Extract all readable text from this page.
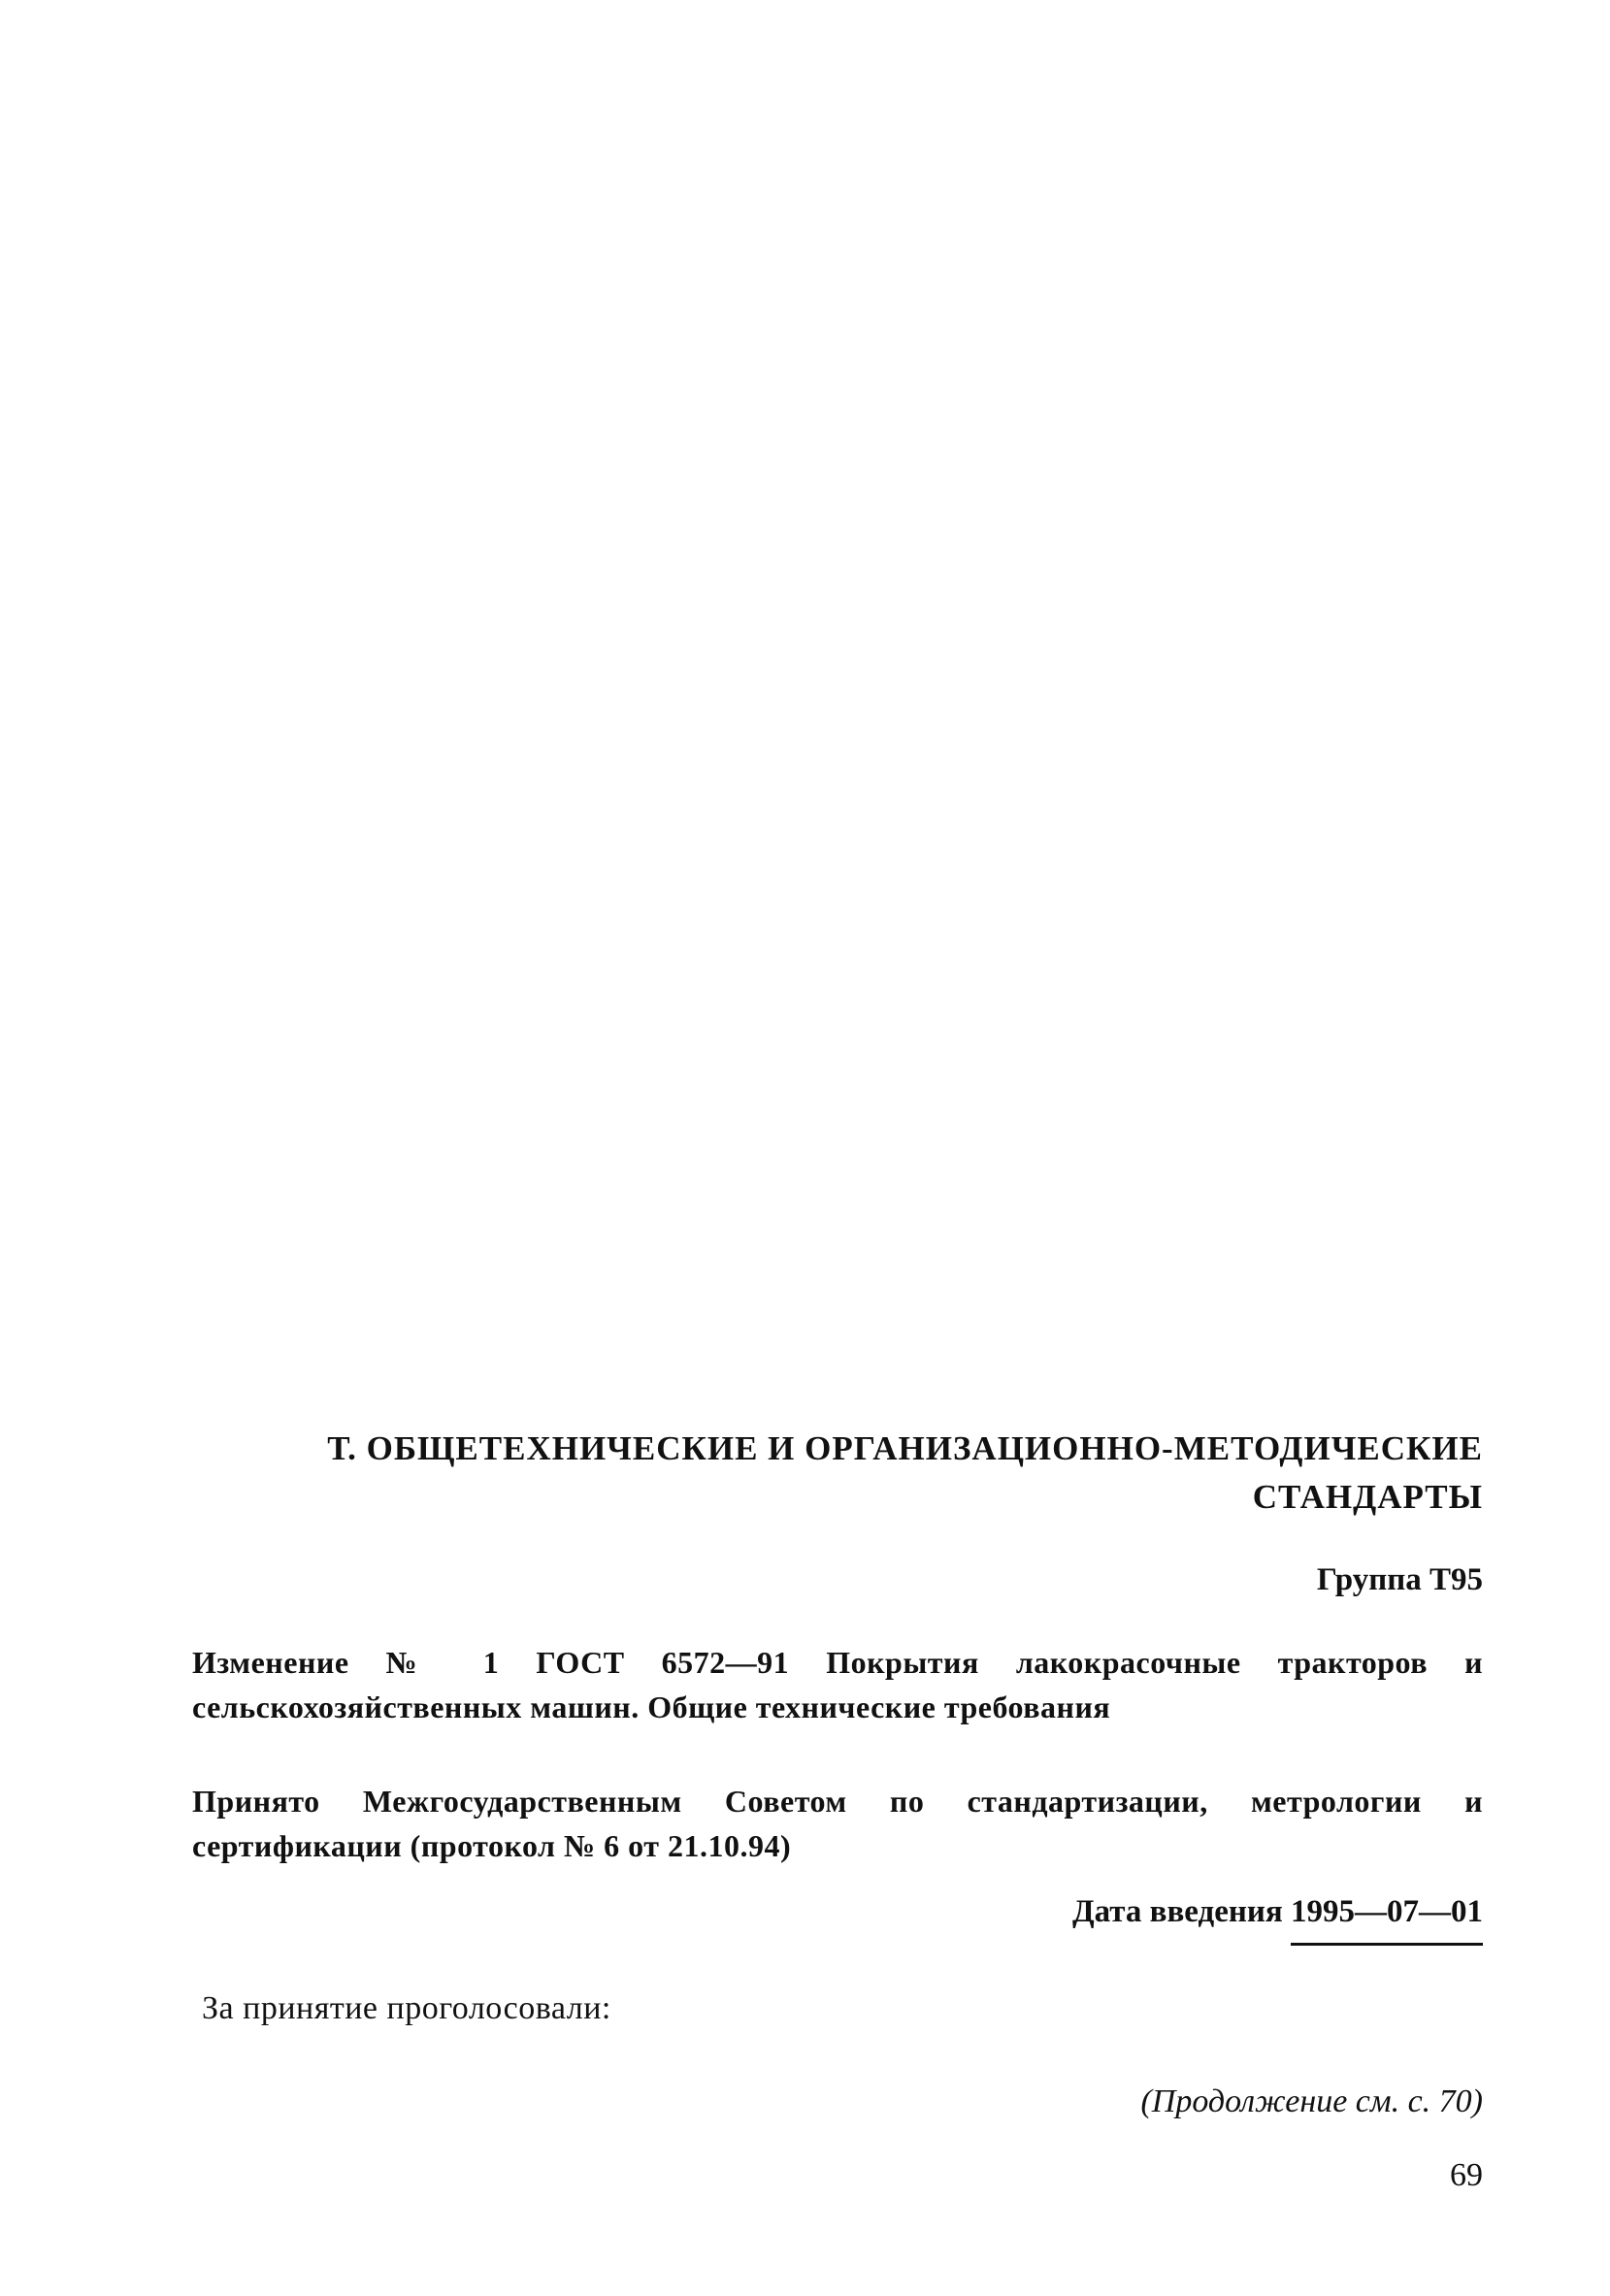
Т. ОБЩЕТЕХНИЧЕСКИЕ И ОРГАНИЗАЦИОННО-МЕТОДИЧЕСКИЕ
СТАНДАРТЫ
Группа Т95
Изменение № 1 ГОСТ 6572—91 Покрытия лакокрасочные тракторов и сельскохозяйственных машин. Общие технические требования
Принято Межгосударственным Советом по стандартизации, метрологии и сертификации (протокол № 6 от 21.10.94)
Дата введения 1995—07—01
За принятие проголосовали:
(Продолжение см. с. 70)
69
